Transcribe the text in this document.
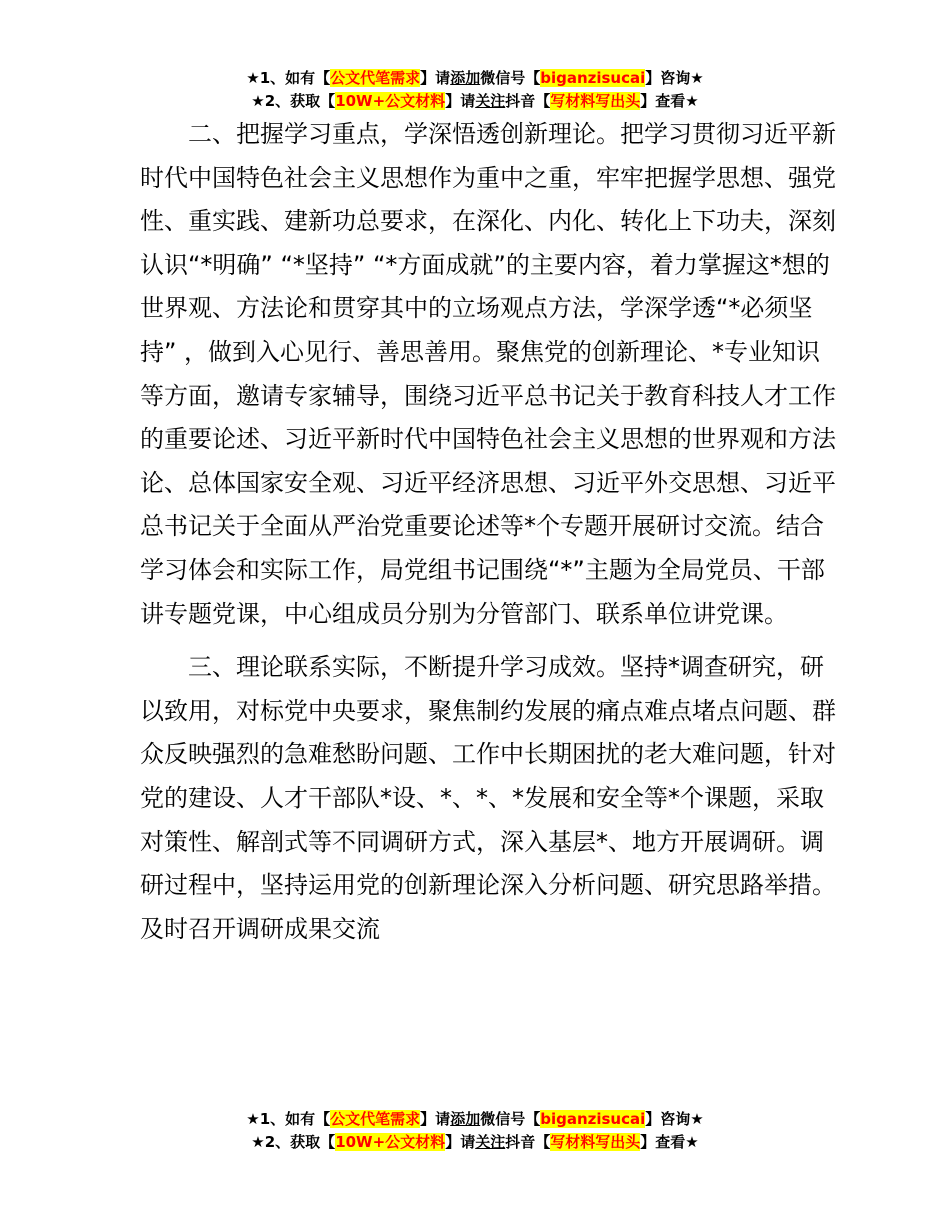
★1、如有【公文代笔需求】请添加微信号【biganzisucai】咨询★
★2、获取【10W+公文材料】请关注抖音【写材料写出头】查看★

二、把握学习重点，学深悟透创新理论。把学习贯彻习近平新时代中国特色社会主义思想作为重中之重，牢牢把握学思想、强党性、重实践、建新功总要求，在深化、内化、转化上下功夫，深刻认识“*明确” “*坚持” “*方面成就”的主要内容，着力掌握这*想的世界观、方法论和贯穿其中的立场观点方法，学深学透“*必须坚持” ，做到入心见行、善思善用。聚焦党的创新理论、*专业知识等方面，邀请专家辅导，围绕习近平总书记关于教育科技人才工作的重要论述、习近平新时代中国特色社会主义思想的世界观和方法论、总体国家安全观、习近平经济思想、习近平外交思想、习近平总书记关于全面从严治党重要论述等*个专题开展研讨交流。结合学习体会和实际工作，局党组书记围绕“*”主题为全局党员、干部讲专题党课，中心组成员分别为分管部门、联系单位讲党课。

三、理论联系实际，不断提升学习成效。坚持*调查研究，研以致用，对标党中央要求，聚焦制约发展的痛点难点堵点问题、群众反映强烈的急难愁盼问题、工作中长期困扰的老大难问题，针对党的建设、人才干部队*设、*、*、*发展和安全等*个课题，采取对策性、解剖式等不同调研方式，深入基层*、地方开展调研。调研过程中，坚持运用党的创新理论深入分析问题、研究思路举措。及时召开调研成果交流

★1、如有【公文代笔需求】请添加微信号【biganzisucai】咨询★
★2、获取【10W+公文材料】请关注抖音【写材料写出头】查看★
